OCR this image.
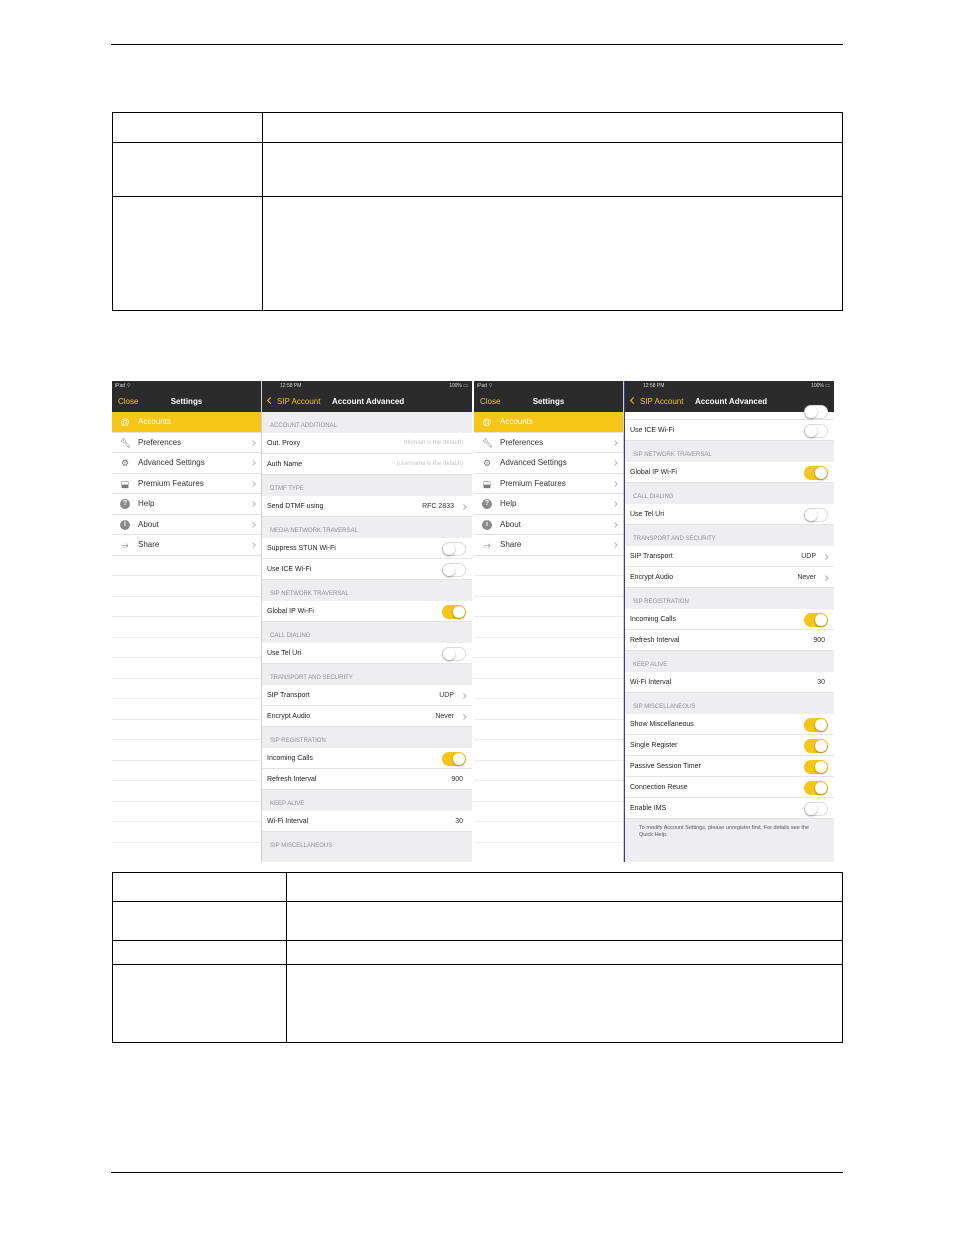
iPad ⌔
Close	Settings
@ Accounts
🔧︎ Preferences
⚙ Advanced Settings
⬓ Premium Features
?	Help
i	About
⭌ Share
12:58 PM	100% ▭
SIP Account Account Advanced
ACCOUNT ADDITIONAL
Out. Proxy	(domain is the default)
Auth Name	(username is the default)
DTMF TYPE
Send DTMF using	RFC 2833
MEDIA NETWORK TRAVERSAL
Suppress STUN Wi-Fi
Use ICE Wi-Fi
SIP NETWORK TRAVERSAL
Global IP Wi-Fi
CALL DIALING
Use Tel Uri
TRANSPORT AND SECURITY
SIP Transport	UDP
Encrypt Audio	Never
SIP REGISTRATION
Incoming Calls
Refresh Interval	900
KEEP ALIVE
Wi-Fi Interval	30
SIP MISCELLANEOUS
iPad ⌔
Close	Settings
@ Accounts
🔧︎ Preferences
⚙ Advanced Settings
⬓ Premium Features
?	Help
i	About
⭌ Share
12:58 PM	100% ▭
SIP Account Account Advanced
Use ICE Wi-Fi
SIP NETWORK TRAVERSAL
Global IP Wi-Fi
CALL DIALING
Use Tel Uri
TRANSPORT AND SECURITY
SIP Transport	UDP
Encrypt Audio	Never
SIP REGISTRATION
Incoming Calls
Refresh Interval	900
KEEP ALIVE
Wi-Fi Interval	30
SIP MISCELLANEOUS
Show Miscellaneous
Single Register
Passive Session Timer
Connection Reuse
Enable IMS
To modify Account Settings, please unregister first. For details see the Quick Help.
